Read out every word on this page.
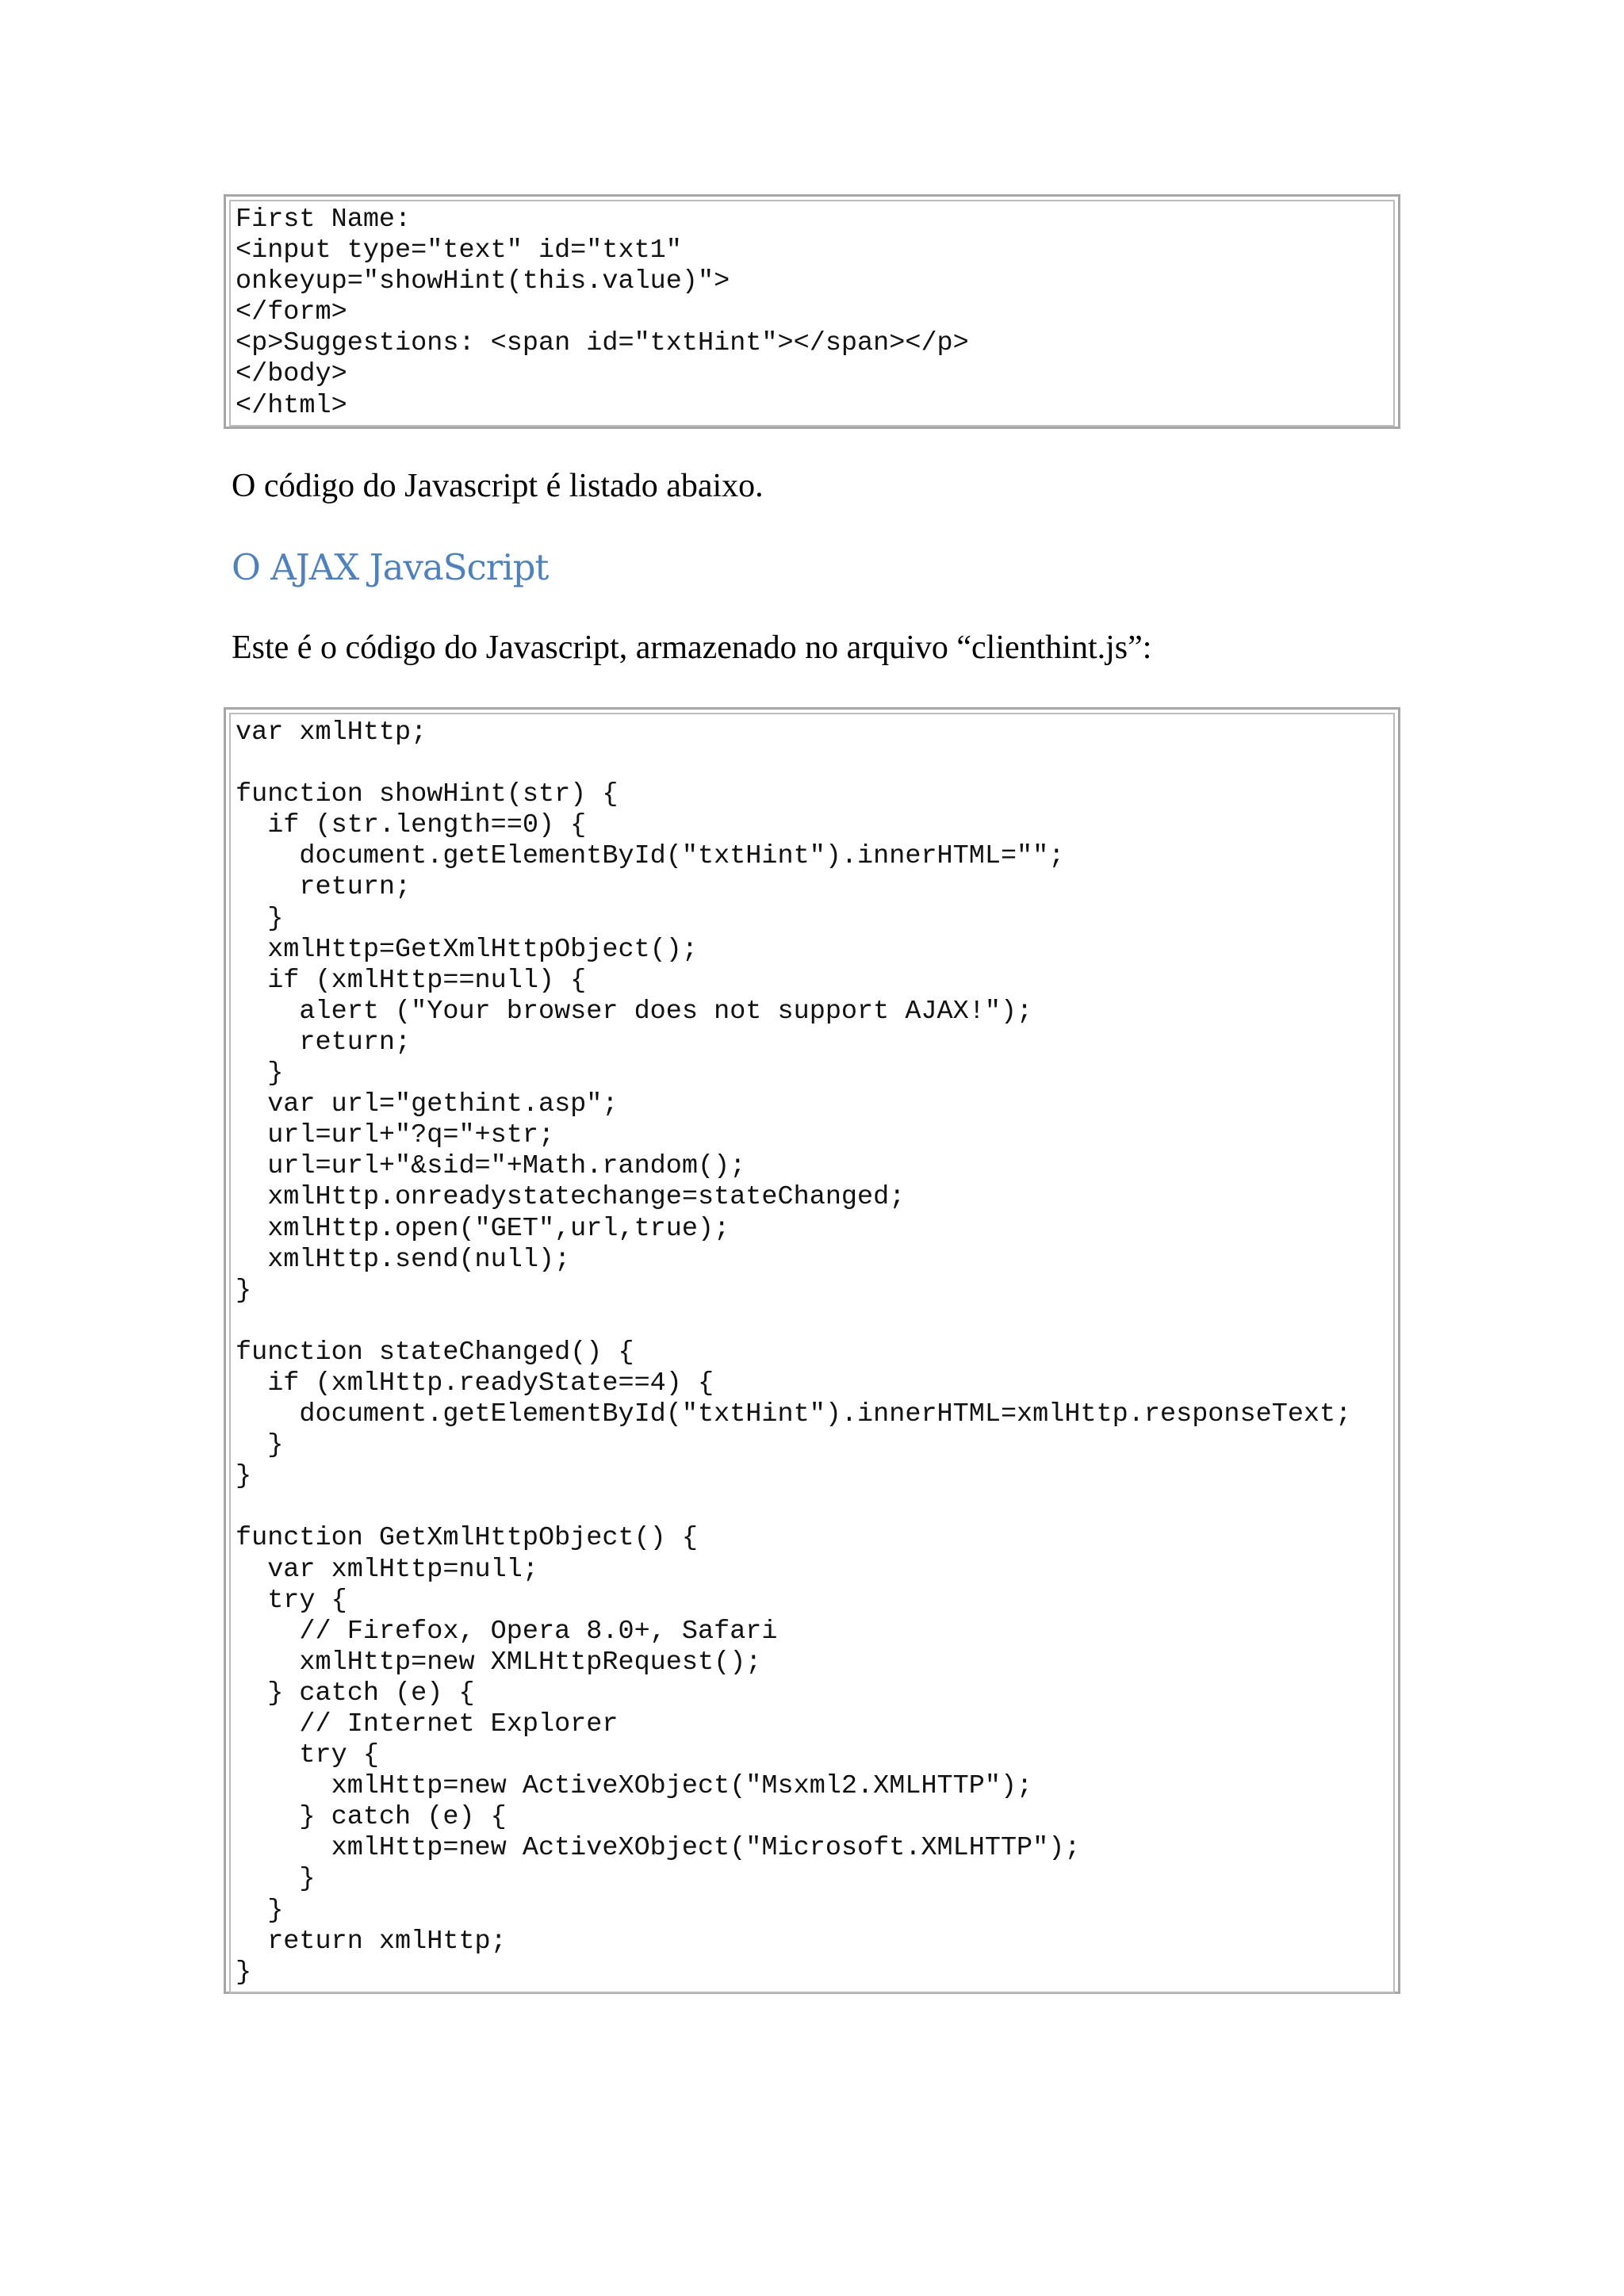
First Name:
<input type="text" id="txt1"
onkeyup="showHint(this.value)">
</form>
<p>Suggestions: <span id="txtHint"></span></p>
</body>
</html>
O código do Javascript é listado abaixo.
O AJAX JavaScript
Este é o código do Javascript, armazenado no arquivo “clienthint.js”:
var xmlHttp;
function showHint(str) {
if (str.length==0) {
document.getElementById("txtHint").innerHTML="";
return;
}
xmlHttp=GetXmlHttpObject();
if (xmlHttp==null) {
alert ("Your browser does not support AJAX!");
return;
}
var url="gethint.asp";
url=url+"?q="+str;
url=url+"&sid="+Math.random();
xmlHttp.onreadystatechange=stateChanged;
xmlHttp.open("GET",url,true);
xmlHttp.send(null);
}
function stateChanged() {
if (xmlHttp.readyState==4) {
document.getElementById("txtHint").innerHTML=xmlHttp.responseText;
}
}
function GetXmlHttpObject() {
var xmlHttp=null;
try {
// Firefox, Opera 8.0+, Safari
xmlHttp=new XMLHttpRequest();
} catch (e) {
// Internet Explorer
try {
xmlHttp=new ActiveXObject("Msxml2.XMLHTTP");
} catch (e) {
xmlHttp=new ActiveXObject("Microsoft.XMLHTTP");
}
}
return xmlHttp;
}
